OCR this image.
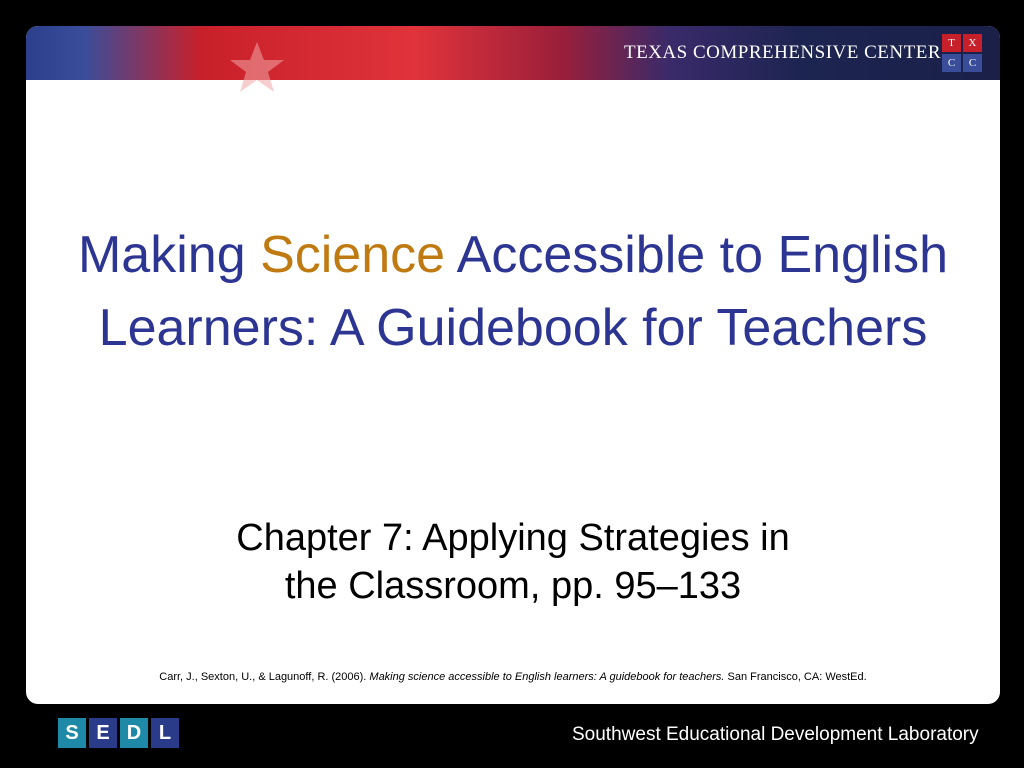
TEXAS COMPREHENSIVE CENTER T	X
C	C
Making Science Accessible to English Learners: A Guidebook for Teachers
Chapter 7: Applying Strategies in
the Classroom, pp. 95–133
Carr, J., Sexton, U., & Lagunoff, R. (2006). Making science accessible to English learners: A guidebook for teachers. San Francisco, CA: WestEd.
S E D L	Southwest Educational Development Laboratory
